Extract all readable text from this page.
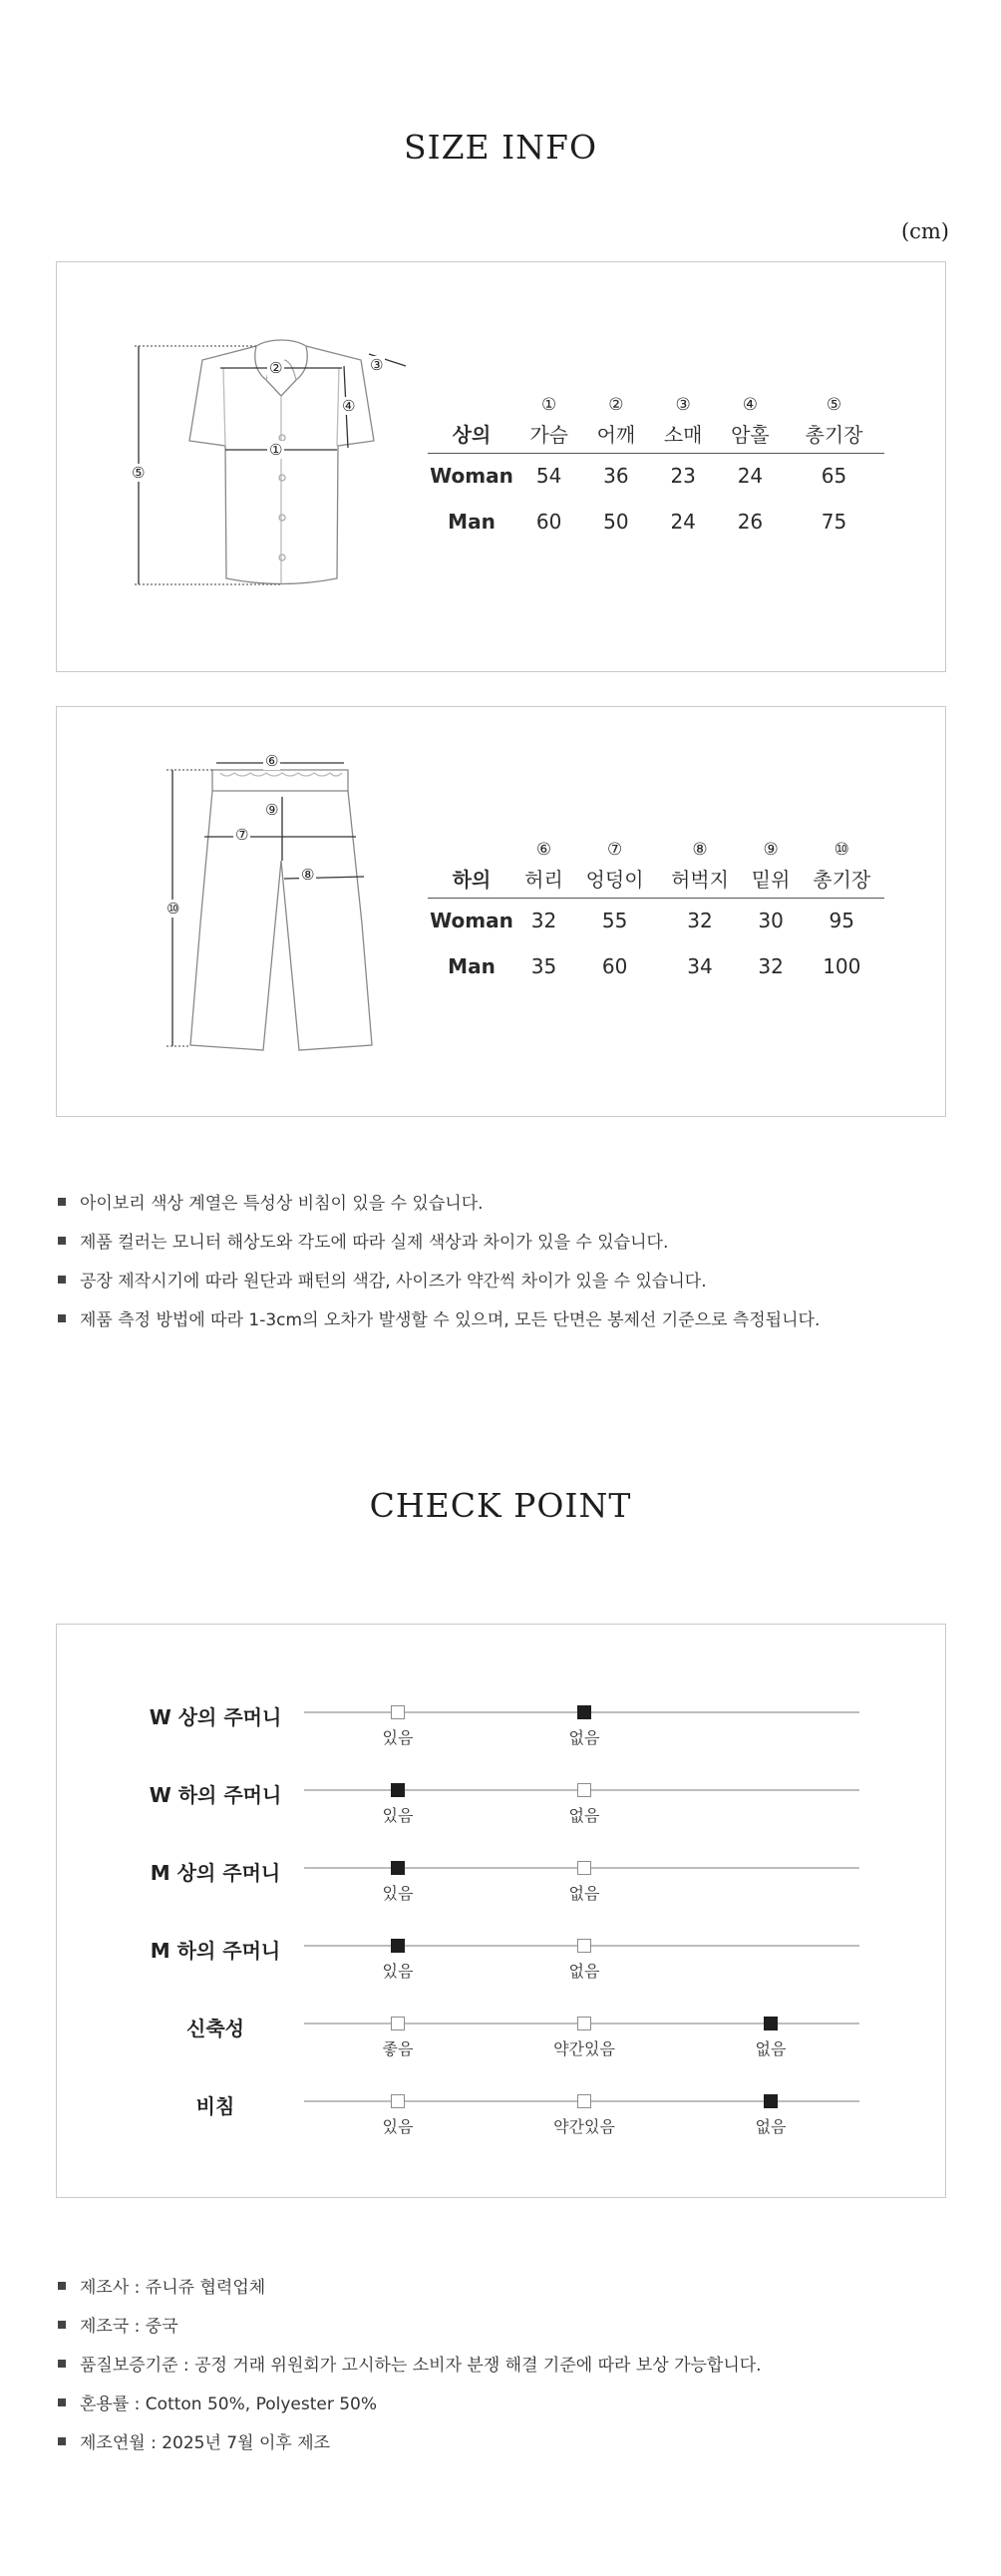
SIZE INFO
(cm)
①
②	③
④
⑤
	①	②	③	④	⑤
상의	가슴	어깨	소매	암홀	총기장
Woman	54	36	23	24	65
Man	60	50	24	26	75
⑥
⑦
⑧
⑨
⑩
	⑥	⑦	⑧	⑨	⑩
하의	허리	엉덩이	허벅지	밑위	총기장
Woman	32	55	32	30	95
Man	35	60	34	32	100
아이보리 색상 계열은 특성상 비침이 있을 수 있습니다.
제품 컬러는 모니터 해상도와 각도에 따라 실제 색상과 차이가 있을 수 있습니다.
공장 제작시기에 따라 원단과 패턴의 색감, 사이즈가 약간씩 차이가 있을 수 있습니다.
제품 측정 방법에 따라 1-3cm의 오차가 발생할 수 있으며, 모든 단면은 봉제선 기준으로 측정됩니다.
CHECK POINT
W 상의 주머니
있음	없음
W 하의 주머니
있음	없음
M 상의 주머니
있음	없음
M 하의 주머니
있음	없음
신축성
좋음	약간있음	없음
비침
있음	약간있음	없음
제조사 : 쥬니쥬 협력업체
제조국 : 중국
품질보증기준 : 공정 거래 위원회가 고시하는 소비자 분쟁 해결 기준에 따라 보상 가능합니다.
혼용률 : Cotton 50%, Polyester 50%
제조연월 : 2025년 7월 이후 제조
